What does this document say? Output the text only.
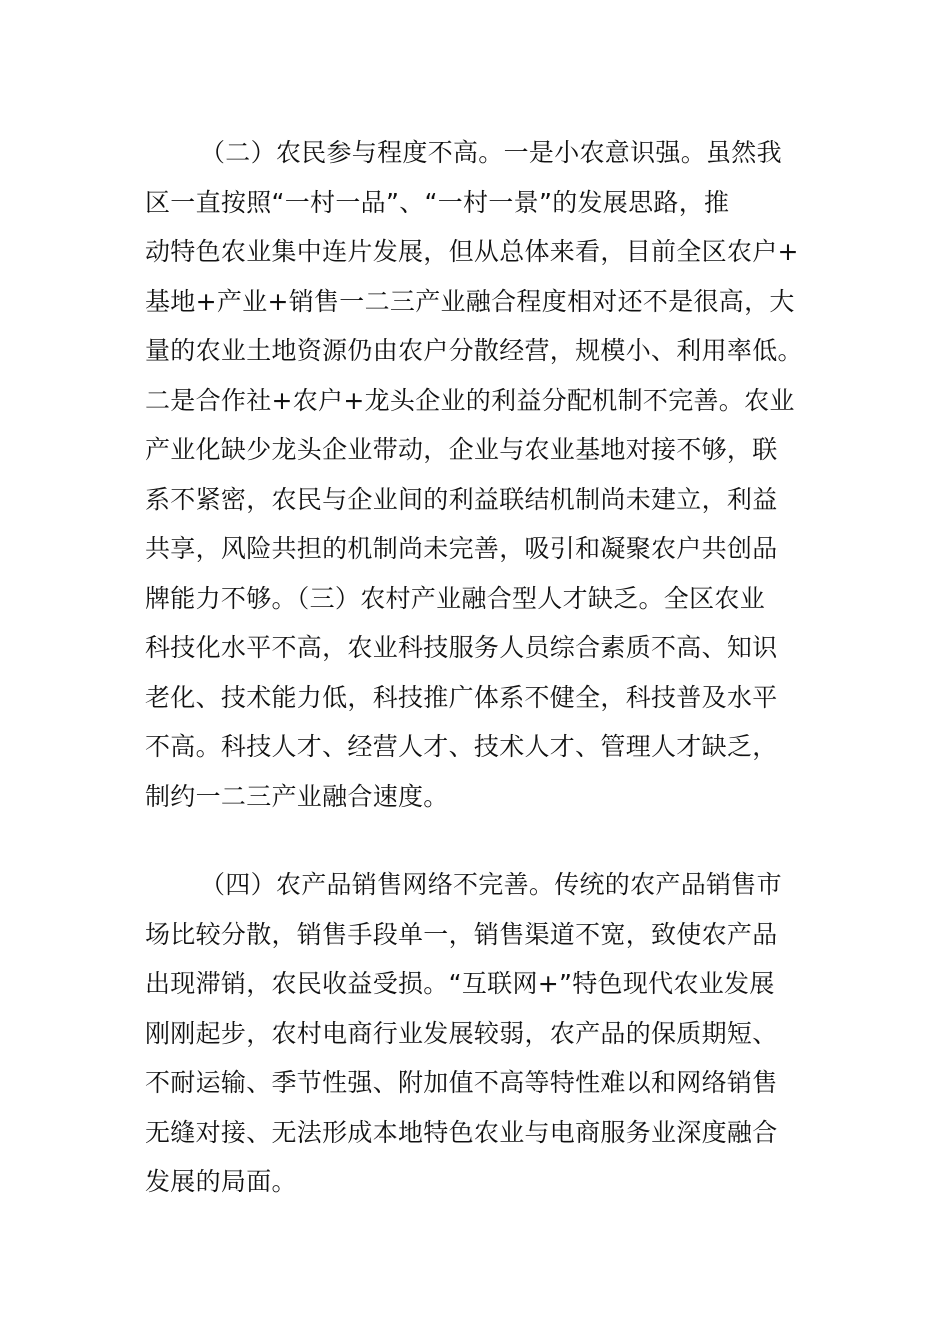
（二）农民参与程度不高。一是小农意识强。虽然我
区一直按照“一村一品”、“一村一景”的发展思路，推
动特色农业集中连片发展，但从总体来看，目前全区农户+
基地+产业+销售一二三产业融合程度相对还不是很高，大
量的农业土地资源仍由农户分散经营，规模小、利用率低。
二是合作社+农户+龙头企业的利益分配机制不完善。农业
产业化缺少龙头企业带动，企业与农业基地对接不够，联
系不紧密，农民与企业间的利益联结机制尚未建立，利益
共享，风险共担的机制尚未完善，吸引和凝聚农户共创品
牌能力不够。（三）农村产业融合型人才缺乏。全区农业
科技化水平不高，农业科技服务人员综合素质不高、知识
老化、技术能力低，科技推广体系不健全，科技普及水平
不高。科技人才、经营人才、技术人才、管理人才缺乏，
制约一二三产业融合速度。
（四）农产品销售网络不完善。传统的农产品销售市
场比较分散，销售手段单一，销售渠道不宽，致使农产品
出现滞销，农民收益受损。“互联网+”特色现代农业发展
刚刚起步，农村电商行业发展较弱，农产品的保质期短、
不耐运输、季节性强、附加值不高等特性难以和网络销售
无缝对接、无法形成本地特色农业与电商服务业深度融合
发展的局面。
